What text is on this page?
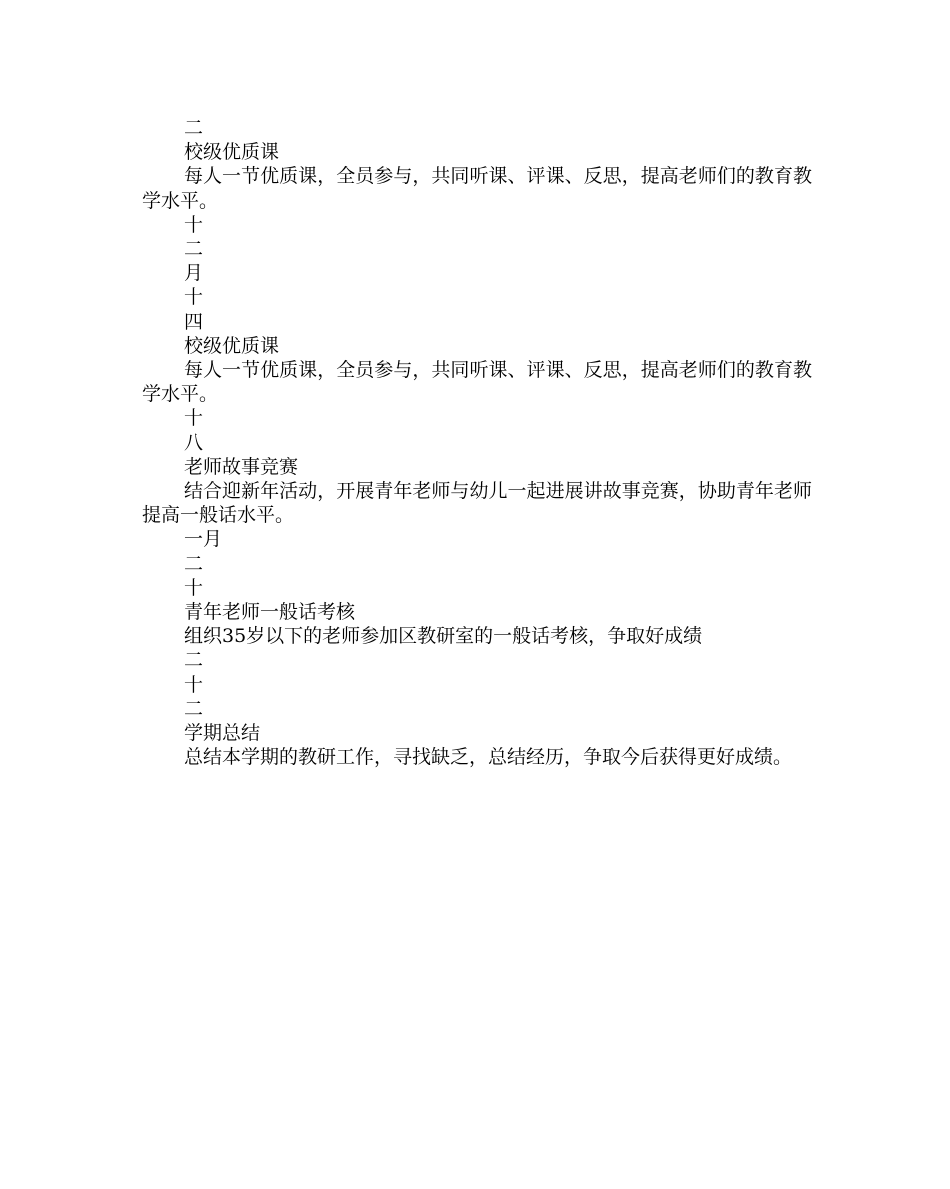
二

校级优质课

每人一节优质课，全员参与，共同听课、评课、反思，提高老师们的教育教学水平。

十

二

月

十

四

校级优质课

每人一节优质课，全员参与，共同听课、评课、反思，提高老师们的教育教学水平。

十

八

老师故事竞赛

结合迎新年活动，开展青年老师与幼儿一起进展讲故事竞赛，协助青年老师提高一般话水平。

一月

二

十

青年老师一般话考核

组织35岁以下的老师参加区教研室的一般话考核，争取好成绩

二

十

二

学期总结

总结本学期的教研工作，寻找缺乏，总结经历，争取今后获得更好成绩。
